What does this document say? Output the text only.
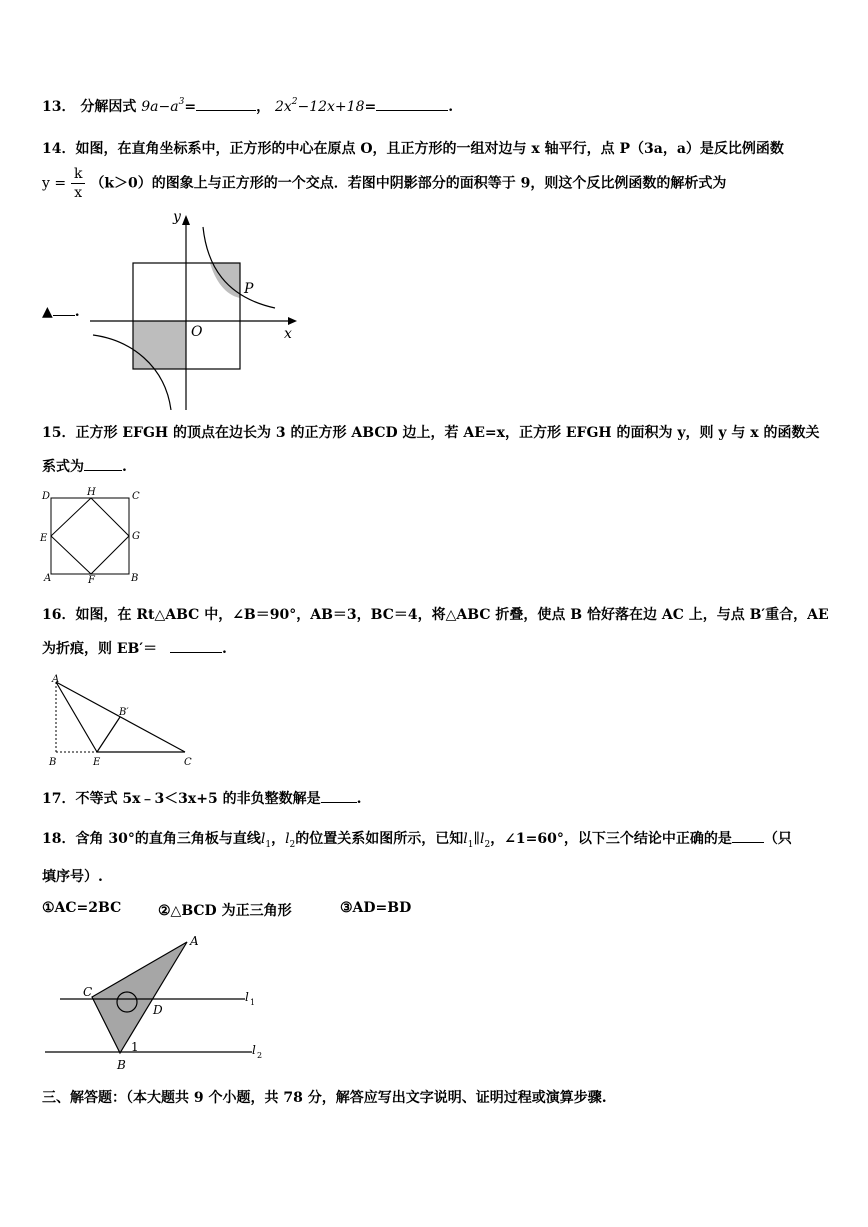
13． 分解因式 $9a-a^3=$	， $2x^2-12x+18=$	.
14．如图，在直角坐标系中，正方形的中心在原点 O，且正方形的一组对边与 x 轴平行，点 P（3a，a）是反比例函数
$y = \frac{k}{x} (k>0)$的图象上与正方形的一个交点．若图中阴影部分的面积等于 9，则这个反比例函数的解析式为
▲ .
y
x
O
P
15．正方形 EFGH 的顶点在边长为 3 的正方形 ABCD 边上，若 AE=x，正方形 EFGH 的面积为 y，则 y 与 x 的函数关
系式为	.
D	H	C
E	G
A	F	B
16．如图，在 Rt△ABC 中，∠B＝90°，AB＝3，BC＝4，将△ABC 折叠，使点 B 恰好落在边 AC 上，与点 B′重合，AE
为折痕，则 EB′＝	.
A
B′
B	E	C
17．不等式 5x﹣3＜3x+5 的非负整数解是	.
18．含角 30°的直角三角板与直线$l_1$，$l_2$的位置关系如图所示，已知$l_1\parallel l_2$，∠1=60°，以下三个结论中正确的是 （只
填序号）.
①AC=2BC	②△BCD 为正三角形	③AD=BD
A
C
D
B
1
l 1
l 2
三、解答题：（本大题共 9 个小题，共 78 分，解答应写出文字说明、证明过程或演算步骤.
